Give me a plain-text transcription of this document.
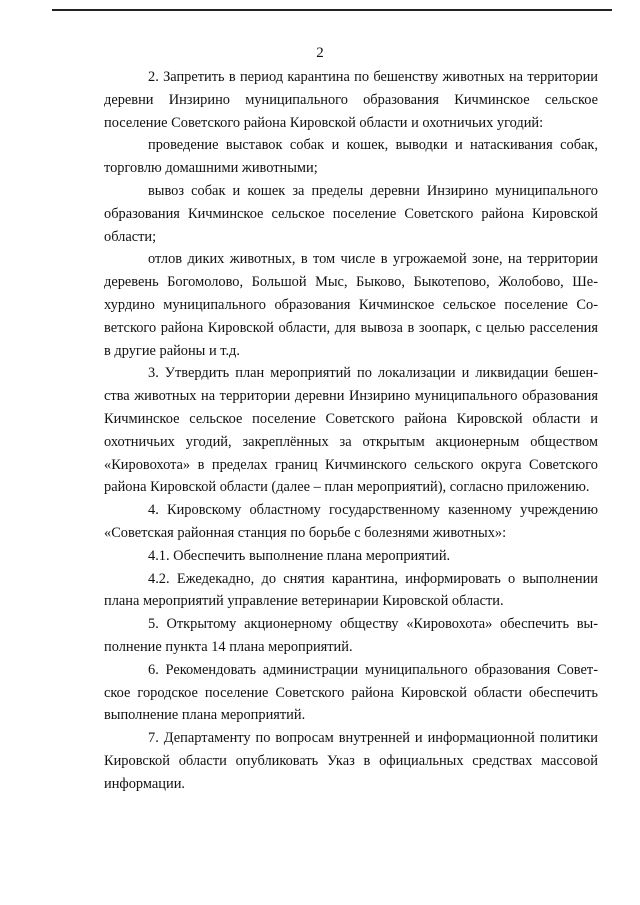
2

2. Запретить в период карантина по бешенству животных на территории деревни Инзирино муниципального образования Кичминское сельское поселение Советского района Кировской области и охотничьих угодий:

проведение выставок собак и кошек, выводки и натаскивания собак, торговлю домашними животными;

вывоз собак и кошек за пределы деревни Инзирино муниципального образования Кичминское сельское поселение Советского района Кировской области;

отлов диких животных, в том числе в угрожаемой зоне, на территории деревень Богомолово, Большой Мыс, Быково, Быкотепово, Жолобово, Шехурдино муниципального образования Кичминское сельское поселение Советского района Кировской области, для вывоза в зоопарк, с целью расселения в другие районы и т.д.

3. Утвердить план мероприятий по локализации и ликвидации бешенства животных на территории деревни Инзирино муниципального образования Кичминское сельское поселение Советского района Кировской области и охотничьих угодий, закреплённых за открытым акционерным обществом «Кировохота» в пределах границ Кичминского сельского округа Советского района Кировской области (далее – план мероприятий), согласно приложению.

4. Кировскому областному государственному казенному учреждению «Советская районная станция по борьбе с болезнями животных»:

4.1. Обеспечить выполнение плана мероприятий.

4.2. Ежедекадно, до снятия карантина, информировать о выполнении плана мероприятий управление ветеринарии Кировской области.

5. Открытому акционерному обществу «Кировохота» обеспечить выполнение пункта 14 плана мероприятий.

6. Рекомендовать администрации муниципального образования Советское городское поселение Советского района Кировской области обеспечить выполнение плана мероприятий.

7. Департаменту по вопросам внутренней и информационной политики Кировской области опубликовать Указ в официальных средствах массовой информации.
